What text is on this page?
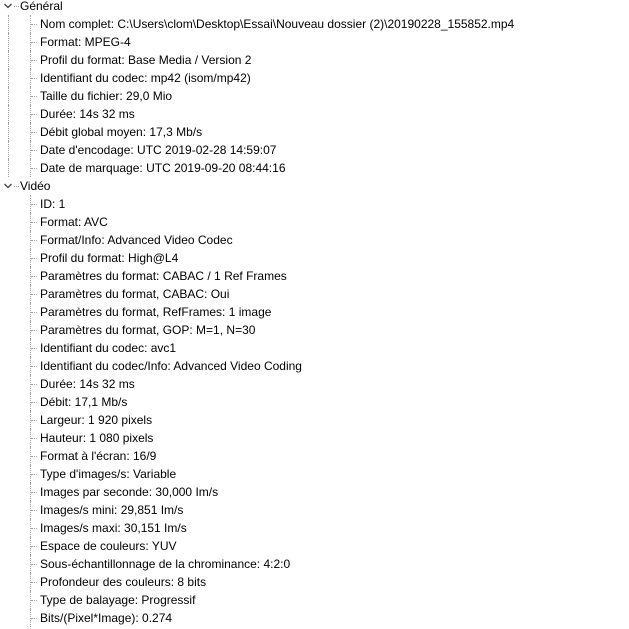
Général
Nom complet: C:\Users\clom\Desktop\Essai\Nouveau dossier (2)\20190228_155852.mp4
Format: MPEG-4
Profil du format: Base Media / Version 2
Identifiant du codec: mp42 (isom/mp42)
Taille du fichier: 29,0 Mio
Durée: 14s 32 ms
Débit global moyen: 17,3 Mb/s
Date d'encodage: UTC 2019-02-28 14:59:07
Date de marquage: UTC 2019-09-20 08:44:16
Vidéo
ID: 1
Format: AVC
Format/Info: Advanced Video Codec
Profil du format: High@L4
Paramètres du format: CABAC / 1 Ref Frames
Paramètres du format, CABAC: Oui
Paramètres du format, RefFrames: 1 image
Paramètres du format, GOP: M=1, N=30
Identifiant du codec: avc1
Identifiant du codec/Info: Advanced Video Coding
Durée: 14s 32 ms
Débit: 17,1 Mb/s
Largeur: 1 920 pixels
Hauteur: 1 080 pixels
Format à l'écran: 16/9
Type d'images/s: Variable
Images par seconde: 30,000 Im/s
Images/s mini: 29,851 Im/s
Images/s maxi: 30,151 Im/s
Espace de couleurs: YUV
Sous-échantillonnage de la chrominance: 4:2:0
Profondeur des couleurs: 8 bits
Type de balayage: Progressif
Bits/(Pixel*Image): 0.274
